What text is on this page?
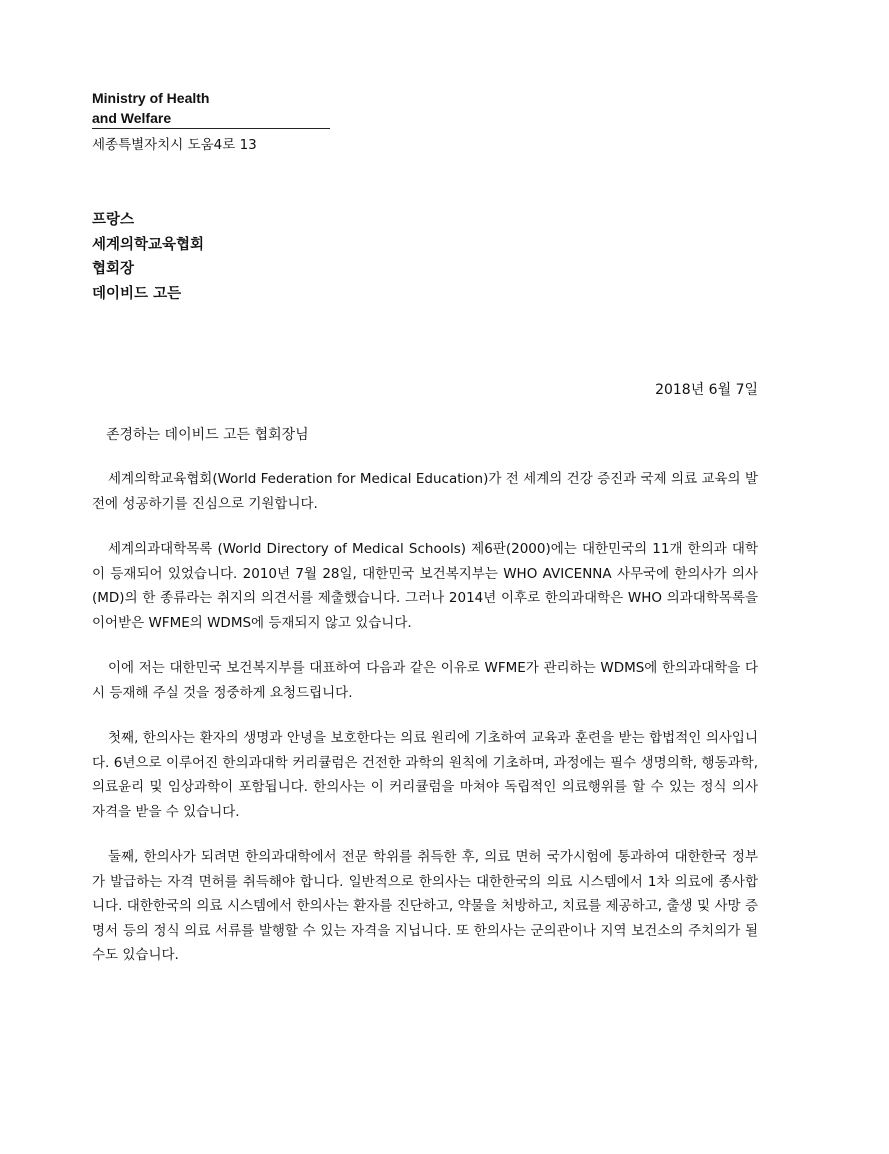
Ministry of Health
and Welfare
세종특별자치시 도움4로 13
프랑스
세계의학교육협회
협회장
데이비드 고든
2018년 6월 7일

존경하는 데이비드 고든 협회장님

세계의학교육협회(World Federation for Medical Education)가 전 세계의 건강 증진과 국제 의료 교육의 발전에 성공하기를 진심으로 기원합니다.

세계의과대학목록 (World Directory of Medical Schools) 제6판(2000)에는 대한민국의 11개 한의과 대학이 등재되어 있었습니다. 2010년 7월 28일, 대한민국 보건복지부는 WHO AVICENNA 사무국에 한의사가 의사(MD)의 한 종류라는 취지의 의견서를 제출했습니다. 그러나 2014년 이후로 한의과대학은 WHO 의과대학목록을 이어받은 WFME의 WDMS에 등재되지 않고 있습니다.

이에 저는 대한민국 보건복지부를 대표하여 다음과 같은 이유로 WFME가 관리하는 WDMS에 한의과대학을 다시 등재해 주실 것을 정중하게 요청드립니다.

첫째, 한의사는 환자의 생명과 안녕을 보호한다는 의료 원리에 기초하여 교육과 훈련을 받는 합법적인 의사입니다. 6년으로 이루어진 한의과대학 커리큘럼은 건전한 과학의 원칙에 기초하며, 과정에는 필수 생명의학, 행동과학, 의료윤리 및 임상과학이 포함됩니다. 한의사는 이 커리큘럼을 마쳐야 독립적인 의료행위를 할 수 있는 정식 의사 자격을 받을 수 있습니다.

둘째, 한의사가 되려면 한의과대학에서 전문 학위를 취득한 후, 의료 면허 국가시험에 통과하여 대한한국 정부가 발급하는 자격 면허를 취득해야 합니다. 일반적으로 한의사는 대한한국의 의료 시스템에서 1차 의료에 종사합니다. 대한한국의 의료 시스템에서 한의사는 환자를 진단하고, 약물을 처방하고, 치료를 제공하고, 출생 및 사망 증명서 등의 정식 의료 서류를 발행할 수 있는 자격을 지닙니다. 또 한의사는 군의관이나 지역 보건소의 주치의가 될 수도 있습니다.
